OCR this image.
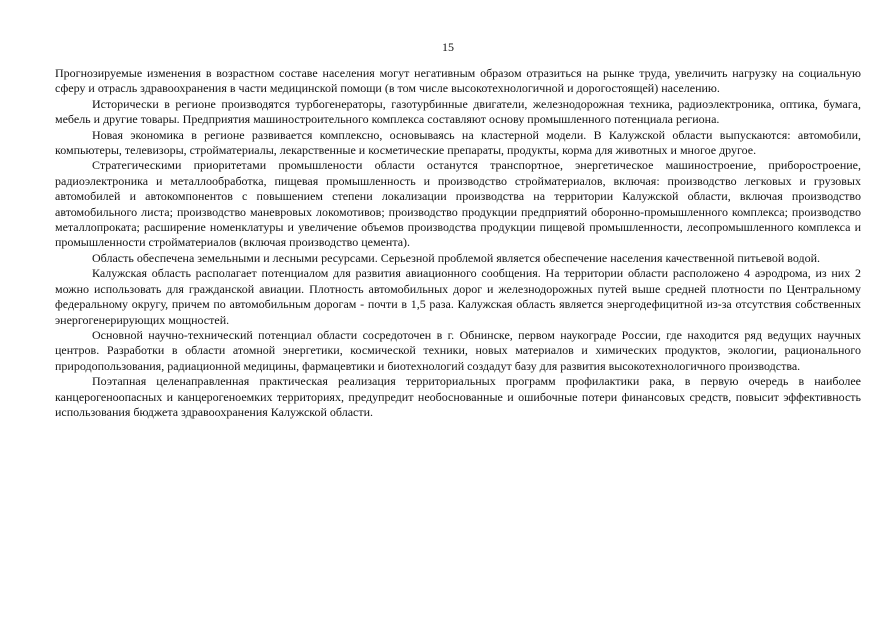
15

Прогнозируемые изменения в возрастном составе населения могут негативным образом отразиться на рынке труда, увеличить нагрузку на социальную сферу и отрасль здравоохранения в части медицинской помощи (в том числе высокотехнологичной и дорогостоящей) населению.

Исторически в регионе производятся турбогенераторы, газотурбинные двигатели, железнодорожная техника, радиоэлектроника, оптика, бумага, мебель и другие товары. Предприятия машиностроительного комплекса составляют основу промышленного потенциала региона.

Новая экономика в регионе развивается комплексно, основываясь на кластерной модели. В Калужской области выпускаются: автомобили, компьютеры, телевизоры, стройматериалы, лекарственные и косметические препараты, продукты, корма для животных и многое другое.

Стратегическими приоритетами промышлености области останутся транспортное, энергетическое машиностроение, приборостроение, радиоэлектроника и металлообработка, пищевая промышленность и производство стройматериалов, включая: производство легковых и грузовых автомобилей и автокомпонентов с повышением степени локализации производства на территории Калужской области, включая производство автомобильного листа; производство маневровых локомотивов; производство продукции предприятий оборонно-промышленного комплекса; производство металлопроката; расширение номенклатуры и увеличение объемов производства продукции пищевой промышленности, лесопромышленного комплекса и промышленности стройматериалов (включая производство цемента).

Область обеспечена земельными и лесными ресурсами. Серьезной проблемой является обеспечение населения качественной питьевой водой.

Калужская область располагает потенциалом для развития авиационного сообщения. На территории области расположено 4 аэродрома, из них 2 можно использовать для гражданской авиации. Плотность автомобильных дорог и железнодорожных путей выше средней плотности по Центральному федеральному округу, причем по автомобильным дорогам - почти в 1,5 раза. Калужская область является энергодефицитной из-за отсутствия собственных энергогенерирующих мощностей.

Основной научно-технический потенциал области сосредоточен в г. Обнинске, первом наукограде России, где находится ряд ведущих научных центров. Разработки в области атомной энергетики, космической техники, новых материалов и химических продуктов, экологии, рационального природопользования, радиационной медицины, фармацевтики и биотехнологий создадут базу для развития высокотехнологичного производства.

Поэтапная целенаправленная практическая реализация территориальных программ профилактики рака, в первую очередь в наиболее канцерогеноопасных и канцерогеноемких территориях, предупредит необоснованные и ошибочные потери финансовых средств, повысит эффективность использования бюджета здравоохранения Калужской области.
